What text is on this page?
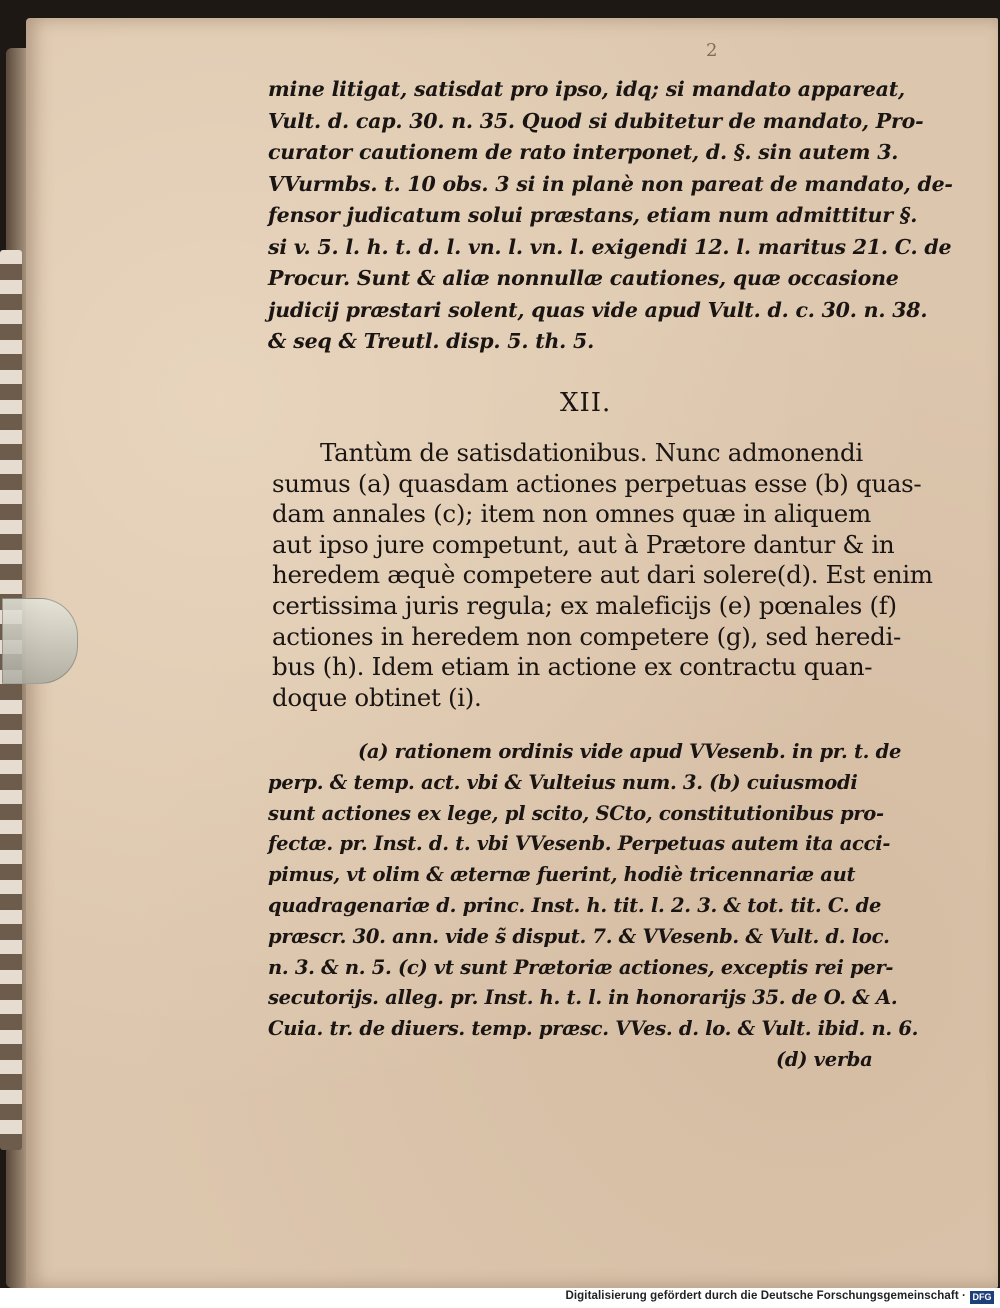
2
mine litigat, satisdat pro ipso, idq; si mandato appareat,
Vult. d. cap. 30. n. 35. Quod si dubitetur de mandato, Pro-
curator cautionem de rato interponet, d. §. sin autem 3.
VVurmbs. t. 10 obs. 3 si in planè non pareat de mandato, de-
fensor judicatum solui præstans, etiam num admittitur §.
si v. 5. l. h. t. d. l. vn. l. vn. l. exigendi 12. l. maritus 21. C. de
Procur. Sunt & aliæ nonnullæ cautiones, quæ occasione
judicij præstari solent, quas vide apud Vult. d. c. 30. n. 38.
& seq & Treutl. disp. 5. th. 5.
XII.
Tantùm de satisdationibus. Nunc admonendi
sumus (a) quasdam actiones perpetuas esse (b) quas-
dam annales (c); item non omnes quæ in aliquem
aut ipso jure competunt, aut à Prætore dantur & in
heredem æquè competere aut dari solere(d). Est enim
certissima juris regula; ex maleficijs (e) pœnales (f)
actiones in heredem non competere (g), sed heredi-
bus (h). Idem etiam in actione ex contractu quan-
doque obtinet (i).
(a) rationem ordinis vide apud VVesenb. in pr. t. de
perp. & temp. act. vbi & Vulteius num. 3. (b) cuiusmodi
sunt actiones ex lege, pl scito, SCto, constitutionibus pro-
fectæ. pr. Inst. d. t. vbi VVesenb. Perpetuas autem ita acci-
pimus, vt olim & æternæ fuerint, hodiè tricennariæ aut
quadragenariæ d. princ. Inst. h. tit. l. 2. 3. & tot. tit. C. de
præscr. 30. ann. vide s̃ disput. 7. & VVesenb. & Vult. d. loc.
n. 3. & n. 5. (c) vt sunt Prætoriæ actiones, exceptis rei per-
secutorijs. alleg. pr. Inst. h. t. l. in honorarijs 35. de O. & A.
Cuia. tr. de diuers. temp. præsc. VVes. d. lo. & Vult. ibid. n. 6.
(d) verba
Digitalisierung gefördert durch die Deutsche Forschungsgemeinschaft · DFG
